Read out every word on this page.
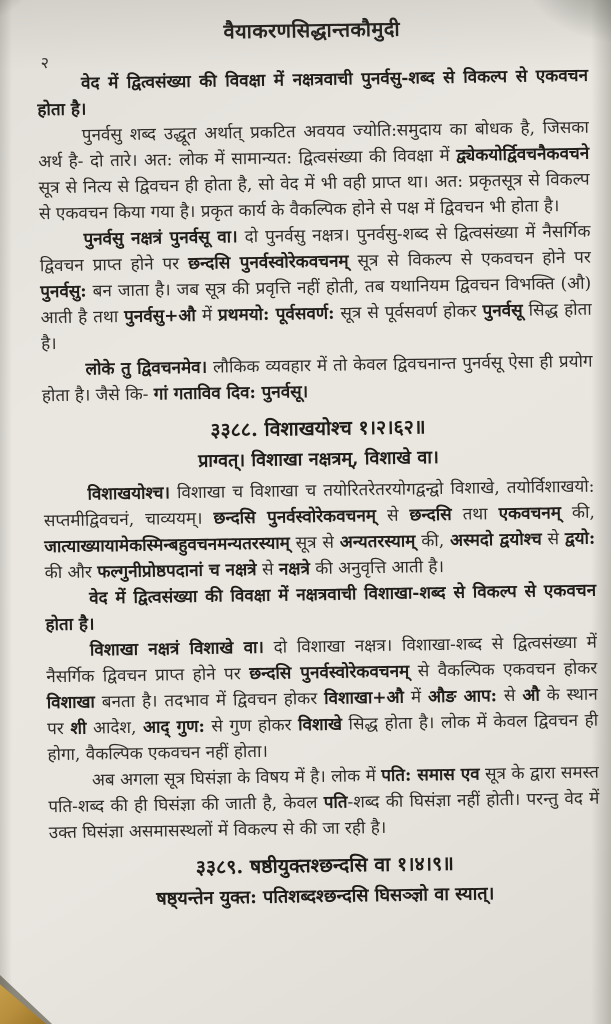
वैयाकरणसिद्धान्तकौमुदी
२
वेद में द्वित्वसंख्या की विवक्षा में नक्षत्रवाची पुनर्वसु-शब्द से विकल्प से एकवचन होता है।
पुनर्वसु शब्द उद्धूत अर्थात् प्रकटित अवयव ज्योति:समुदाय का बोधक है, जिसका अर्थ है- दो तारे। अत: लोक में सामान्यत: द्वित्वसंख्या की विवक्षा में द्व्येकयोर्द्विवचनैकवचने सूत्र से नित्य से द्विवचन ही होता है, सो वेद में भी वही प्राप्त था। अत: प्रकृतसूत्र से विकल्प से एकवचन किया गया है। प्रकृत कार्य के वैकल्पिक होने से पक्ष में द्विवचन भी होता है।
पुनर्वसु नक्षत्रं पुनर्वसू वा। दो पुनर्वसु नक्षत्र। पुनर्वसु-शब्द से द्वित्वसंख्या में नैसर्गिक द्विवचन प्राप्त होने पर छन्दसि पुनर्वस्वोरेकवचनम् सूत्र से विकल्प से एकवचन होने पर पुनर्वसु: बन जाता है। जब सूत्र की प्रवृत्ति नहीं होती, तब यथानियम द्विवचन विभक्ति (औ) आती है तथा पुनर्वसु+औ में प्रथमयो: पूर्वसवर्ण: सूत्र से पूर्वसवर्ण होकर पुनर्वसू सिद्ध होता है।
लोके तु द्विवचनमेव। लौकिक व्यवहार में तो केवल द्विवचनान्त पुनर्वसू ऐसा ही प्रयोग होता है। जैसे कि- गां गताविव दिव: पुनर्वसू।
३३८८. विशाखयोश्च १।२।६२॥
प्राग्वत्। विशाखा नक्षत्रम्, विशाखे वा।
विशाखयोश्च। विशाखा च विशाखा च तयोरितरेतरयोगद्वन्द्वो विशाखे, तयोर्विशाखयो: सप्तमीद्विवचनं, चाव्ययम्। छन्दसि पुनर्वस्वोरेकवचनम् से छन्दसि तथा एकवचनम् की, जात्याख्यायामेकस्मिन्बहुवचनमन्यतरस्याम् सूत्र से अन्यतरस्याम् की, अस्मदो द्वयोश्च से द्वयो: की और फल्गुनीप्रोष्ठपदानां च नक्षत्रे से नक्षत्रे की अनुवृत्ति आती है।
वेद में द्वित्वसंख्या की विवक्षा में नक्षत्रवाची विशाखा-शब्द से विकल्प से एकवचन होता है।
विशाखा नक्षत्रं विशाखे वा। दो विशाखा नक्षत्र। विशाखा-शब्द से द्वित्वसंख्या में नैसर्गिक द्विवचन प्राप्त होने पर छन्दसि पुनर्वस्वोरेकवचनम् से वैकल्पिक एकवचन होकर विशाखा बनता है। तदभाव में द्विवचन होकर विशाखा+औ में औङ आप: से औ के स्थान पर शी आदेश, आद् गुण: से गुण होकर विशाखे सिद्ध होता है। लोक में केवल द्विवचन ही होगा, वैकल्पिक एकवचन नहीं होता।
अब अगला सूत्र घिसंज्ञा के विषय में है। लोक में पति: समास एव सूत्र के द्वारा समस्त पति-शब्द की ही घिसंज्ञा की जाती है, केवल पति-शब्द की घिसंज्ञा नहीं होती। परन्तु वेद में उक्त घिसंज्ञा असमासस्थलों में विकल्प से की जा रही है।
३३८९. षष्ठीयुक्तश्छन्दसि वा १।४।९॥
षष्ठ्यन्तेन युक्त: पतिशब्दश्छन्दसि घिसञ्ज्ञो वा स्यात्।
